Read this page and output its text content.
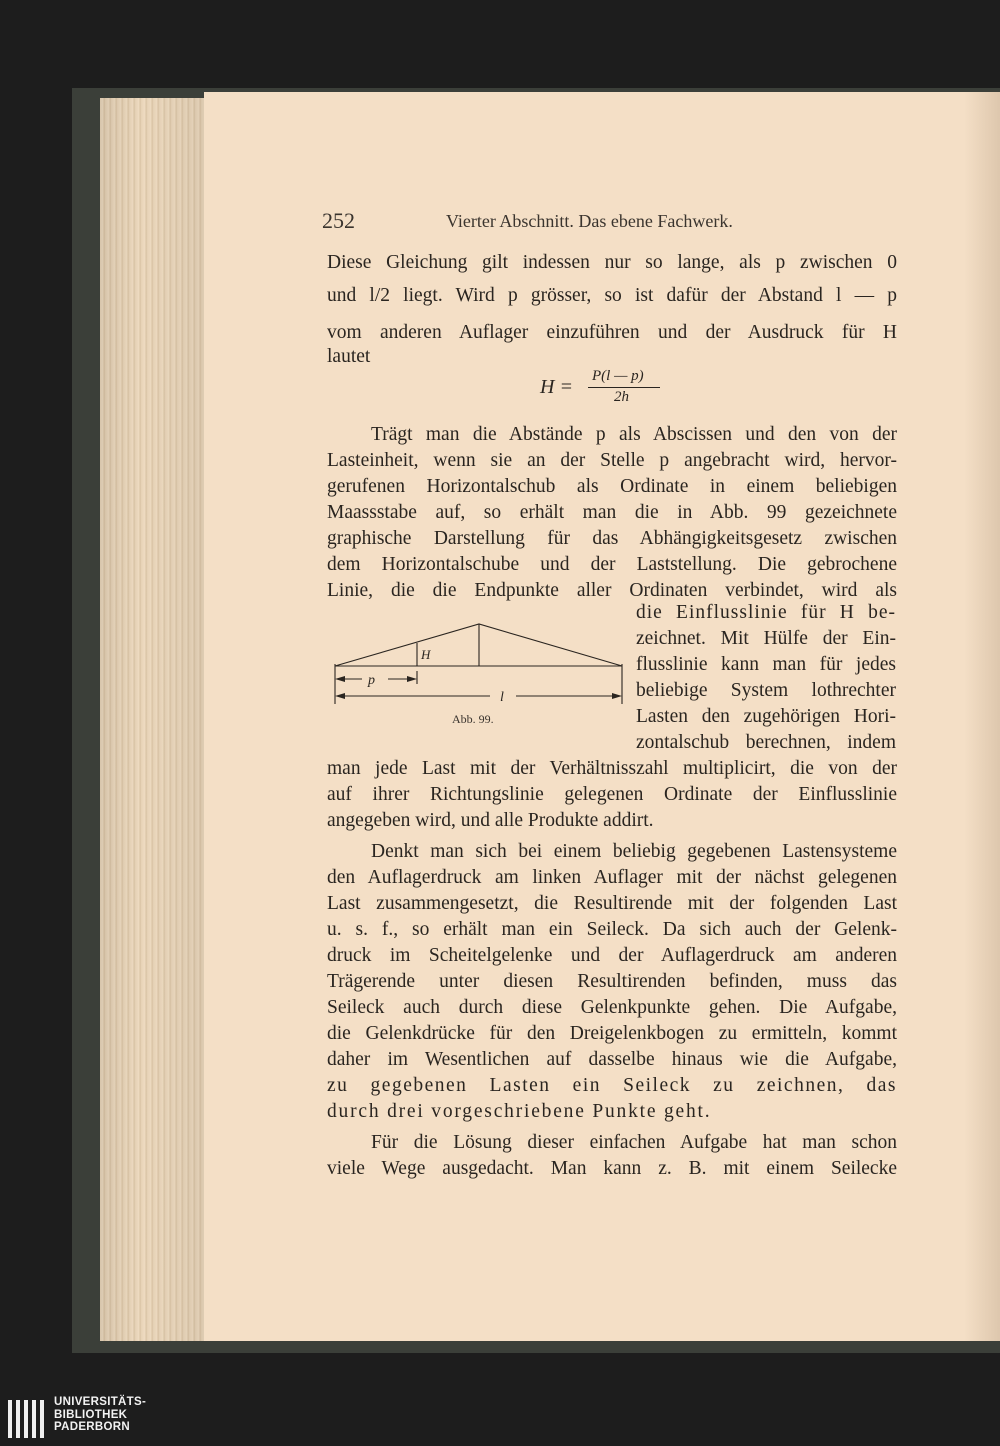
252	Vierter Abschnitt. Das ebene Fachwerk.
Diese Gleichung gilt indessen nur so lange, als p zwischen 0
und l/2 liegt. Wird p grösser, so ist dafür der Abstand l — p
vom anderen Auflager einzuführen und der Ausdruck für H
lautet
H = P(l — p)
2h
Trägt man die Abstände p als Abscissen und den von der
Lasteinheit, wenn sie an der Stelle p angebracht wird, hervor-
gerufenen Horizontalschub als Ordinate in einem beliebigen
Maassstabe auf, so erhält man die in Abb. 99 gezeichnete
graphische Darstellung für das Abhängigkeitsgesetz zwischen
dem Horizontalschube und der Laststellung. Die gebrochene
Linie, die die Endpunkte aller Ordinaten verbindet, wird als
die Einflusslinie für H be-
zeichnet. Mit Hülfe der Ein-
flusslinie kann man für jedes
beliebige System lothrechter
Lasten den zugehörigen Hori-
zontalschub berechnen, indem
H
p
l
Abb. 99.
man jede Last mit der Verhältnisszahl multiplicirt, die von der
auf ihrer Richtungslinie gelegenen Ordinate der Einflusslinie
angegeben wird, und alle Produkte addirt.
Denkt man sich bei einem beliebig gegebenen Lastensysteme
den Auflagerdruck am linken Auflager mit der nächst gelegenen
Last zusammengesetzt, die Resultirende mit der folgenden Last
u. s. f., so erhält man ein Seileck. Da sich auch der Gelenk-
druck im Scheitelgelenke und der Auflagerdruck am anderen
Trägerende unter diesen Resultirenden befinden, muss das
Seileck auch durch diese Gelenkpunkte gehen. Die Aufgabe,
die Gelenkdrücke für den Dreigelenkbogen zu ermitteln, kommt
daher im Wesentlichen auf dasselbe hinaus wie die Aufgabe,
zu gegebenen Lasten ein Seileck zu zeichnen, das
durch drei vorgeschriebene Punkte geht.
Für die Lösung dieser einfachen Aufgabe hat man schon
viele Wege ausgedacht. Man kann z. B. mit einem Seilecke
UNIVERSITÄTS-
BIBLIOTHEK
PADERBORN
